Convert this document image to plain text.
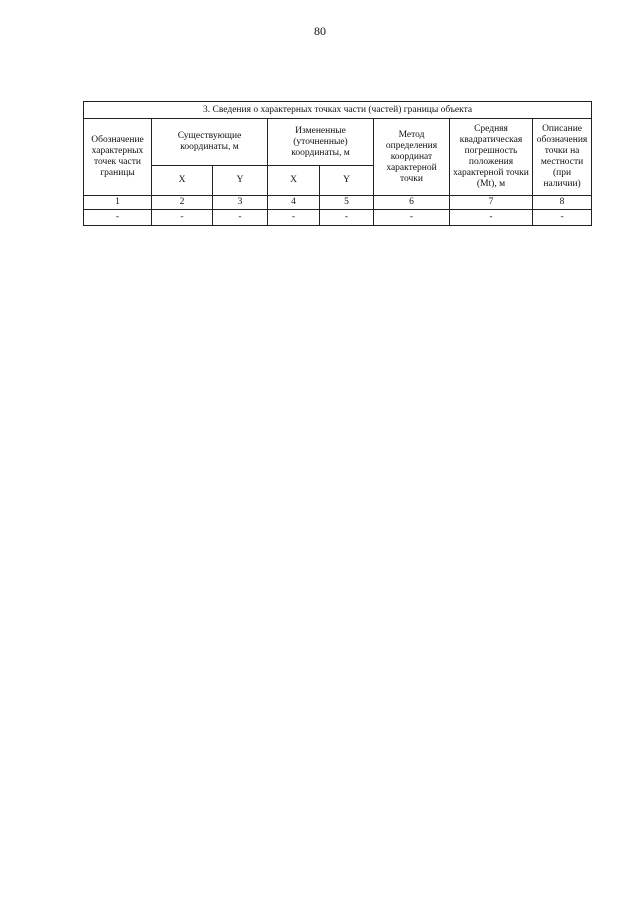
80
3. Сведения о характерных точках части (частей) границы объекта							
Обозначение характерных точек части границы	Существующие координаты, м		Измененные (уточненные) координаты, м		Метод определения координат характерной точки	Средняя квадратическая погрешность положения характерной точки (Mt), м	Описание обозначения точки на местности (при наличии)
	X	Y	X	Y			
1	2	3	4	5	6	7	8
-	-	-	-	-	-	-	-
